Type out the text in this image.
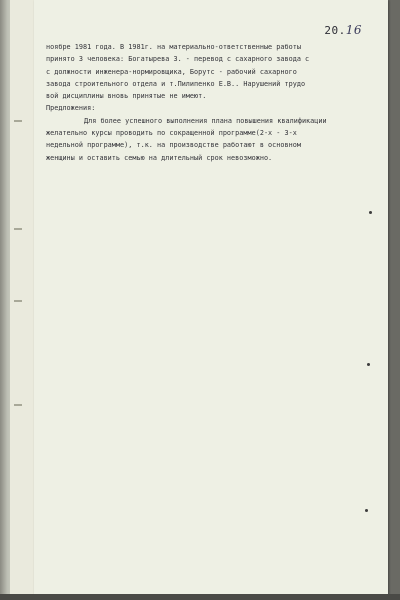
20.16
ноябре 1981 года. В 1981г. на материально-ответственные работы
принято 3 человека: Богатырева З. - перевод с сахарного завода с
с должности инженера-нормировщика, Борутс - рабочий сахарного
завода строительного отдела и т.Пилипенко Е.В.. Нарушений трудо
вой дисциплины вновь принятые не имеют.
Предложения:
Для более успешного выполнения плана повышения квалификации
желательно курсы проводить по сокращенной программе(2-х - 3-х
недельной программе), т.к. на производстве работают в основном
женщины и оставить семью на длительный срок невозможно.
